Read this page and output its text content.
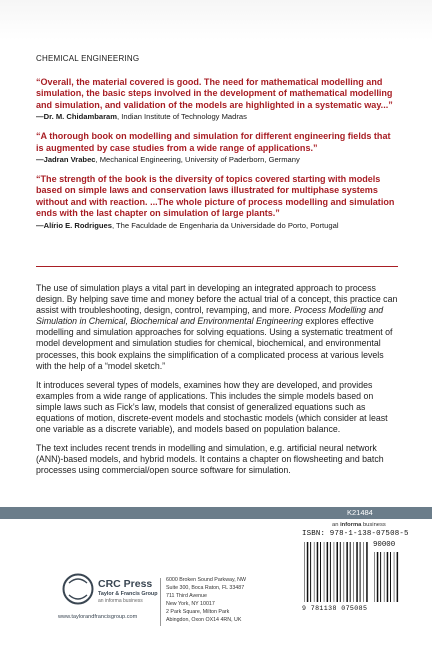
CHEMICAL ENGINEERING
“Overall, the material covered is good. The need for mathematical modelling and simulation, the basic steps involved in the development of mathematical modelling and simulation, and validation of the models are highlighted in a systematic way...”
—Dr. M. Chidambaram, Indian Institute of Technology Madras
“A thorough book on modelling and simulation for different engineering fields that is augmented by case studies from a wide range of applications.”
—Jadran Vrabec, Mechanical Engineering, University of Paderborn, Germany
“The strength of the book is the diversity of topics covered starting with models based on simple laws and conservation laws illustrated for multiphase systems without and with reaction. ...The whole picture of process modelling and simulation ends with the last chapter on simulation of large plants.”
—Alírio E. Rodrigues, The Faculdade de Engenharia da Universidade do Porto, Portugal

The use of simulation plays a vital part in developing an integrated approach to process design. By helping save time and money before the actual trial of a concept, this practice can assist with troubleshooting, design, control, revamping, and more. Process Modelling and Simulation in Chemical, Biochemical and Environmental Engineering explores effective modelling and simulation approaches for solving equations. Using a systematic treatment of model development and simulation studies for chemical, biochemical, and environmental processes, this book explains the simplification of a complicated process at various levels with the help of a “model sketch.”

It introduces several types of models, examines how they are developed, and provides examples from a wide range of applications. This includes the simple models based on simple laws such as Fick’s law, models that consist of generalized equations such as equations of motion, discrete-event models and stochastic models (which consider at least one variable as a discrete variable), and models based on population balance.

The text includes recent trends in modelling and simulation, e.g. artificial neural network (ANN)-based models, and hybrid models. It contains a chapter on flowsheeting and batch processes using commercial/open source software for simulation.

K21484
an informa business
ISBN: 978-1-138-07508-5
90000
9 781138 075085
CRC Press
Taylor & Francis Group
an informa business
6000 Broken Sound Parkway, NW
Suite 300, Boca Raton, FL 33487
711 Third Avenue
New York, NY 10017
2 Park Square, Milton Park
Abingdon, Oxon OX14 4RN, UK
www.taylorandfrancisgroup.com
